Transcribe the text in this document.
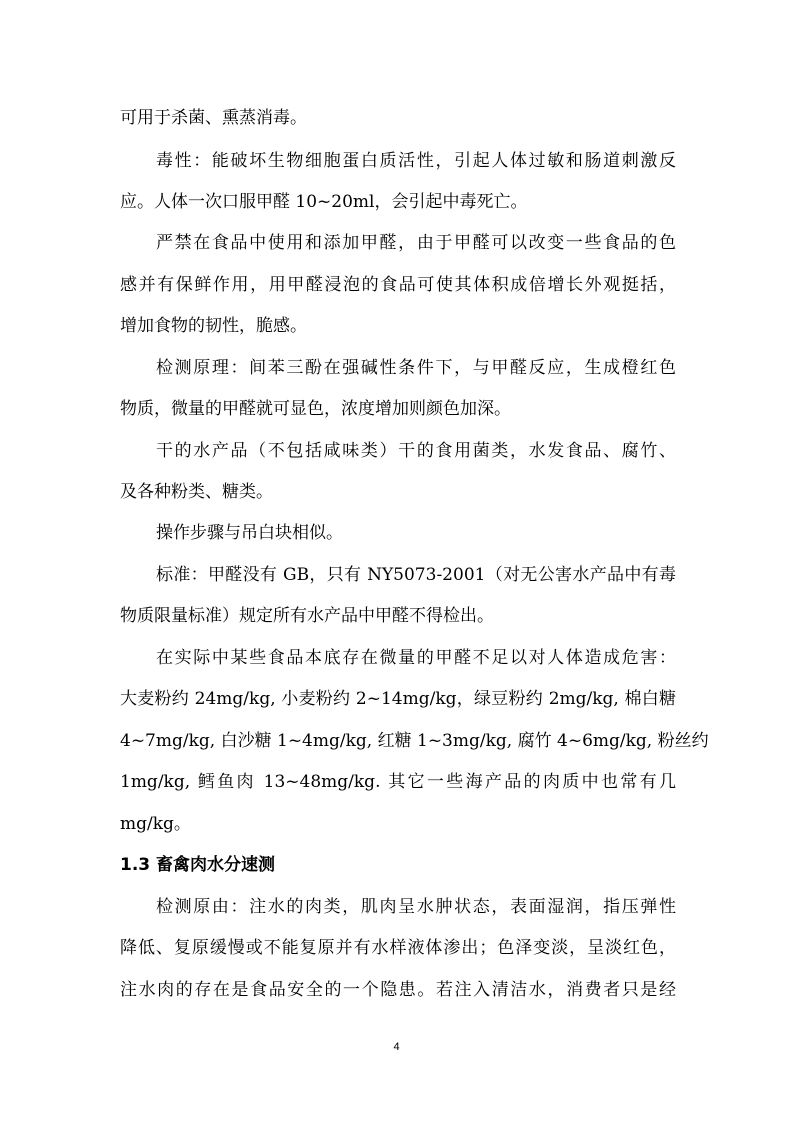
可用于杀菌、熏蒸消毒。
毒性：能破坏生物细胞蛋白质活性，引起人体过敏和肠道刺激反
应。人体一次口服甲醛 10~20ml，会引起中毒死亡。
严禁在食品中使用和添加甲醛，由于甲醛可以改变一些食品的色
感并有保鲜作用，用甲醛浸泡的食品可使其体积成倍增长外观挺括，
增加食物的韧性，脆感。
检测原理：间苯三酚在强碱性条件下，与甲醛反应，生成橙红色
物质，微量的甲醛就可显色，浓度增加则颜色加深。
干的水产品（不包括咸味类）干的食用菌类，水发食品、腐竹、
及各种粉类、糖类。
操作步骤与吊白块相似。
标准：甲醛没有 GB，只有 NY5073-2001（对无公害水产品中有毒
物质限量标准）规定所有水产品中甲醛不得检出。
在实际中某些食品本底存在微量的甲醛不足以对人体造成危害：
大麦粉约 24mg/kg, 小麦粉约 2~14mg/kg，绿豆粉约 2mg/kg, 棉白糖
4~7mg/kg, 白沙糖 1~4mg/kg, 红糖 1~3mg/kg, 腐竹 4~6mg/kg, 粉丝约
1mg/kg, 鳕鱼肉 13~48mg/kg. 其它一些海产品的肉质中也常有几
mg/kg。
1.3 畜禽肉水分速测
检测原由：注水的肉类，肌肉呈水肿状态，表面湿润，指压弹性
降低、复原缓慢或不能复原并有水样液体渗出；色泽变淡，呈淡红色，
注水肉的存在是食品安全的一个隐患。若注入清洁水，消费者只是经
4
